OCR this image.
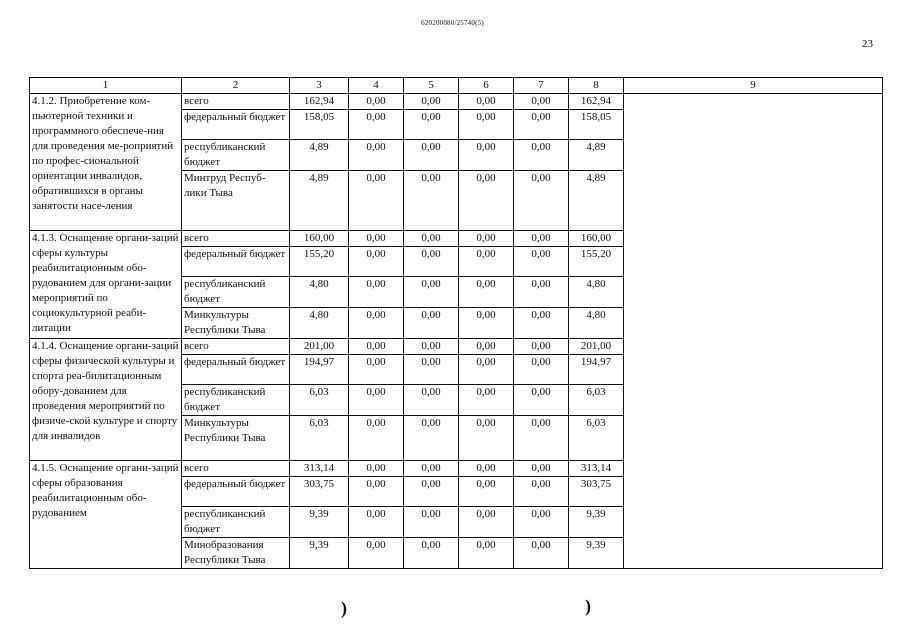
620200080/25740(5)
23
1	2	3	4	5	6	7	8	9
4.1.2. Приобретение ком-пьютерной техники и программного обеспече-ния для проведения ме-роприятий по профес-сиональной ориентации инвалидов, обратившихся в органы занятости насе-ления	всего	162,94	0,00	0,00	0,00	0,00	162,94	
	федеральный бюджет	158,05	0,00	0,00	0,00	0,00	158,05	
	республиканский бюджет	4,89	0,00	0,00	0,00	0,00	4,89	
	Минтруд Респуб-лики Тыва	4,89	0,00	0,00	0,00	0,00	4,89	
4.1.3. Оснащение органи-заций сферы культуры реабилитационным обо-рудованием для органи-зации мероприятий по социокультурной реаби-литации	всего	160,00	0,00	0,00	0,00	0,00	160,00	
	федеральный бюджет	155,20	0,00	0,00	0,00	0,00	155,20	
	республиканский бюджет	4,80	0,00	0,00	0,00	0,00	4,80	
	Минкультуры Республики Тыва	4,80	0,00	0,00	0,00	0,00	4,80	
4.1.4. Оснащение органи-заций сферы физической культуры и спорта реа-билитационным обору-дованием для проведения мероприятий по физиче-ской культуре и спорту для инвалидов	всего	201,00	0,00	0,00	0,00	0,00	201,00	
	федеральный бюджет	194,97	0,00	0,00	0,00	0,00	194,97	
	республиканский бюджет	6,03	0,00	0,00	0,00	0,00	6,03	
	Минкультуры Республики Тыва	6,03	0,00	0,00	0,00	0,00	6,03	
4.1.5. Оснащение органи-заций сферы образования реабилитационным обо-рудованием	всего	313,14	0,00	0,00	0,00	0,00	313,14	
	федеральный бюджет	303,75	0,00	0,00	0,00	0,00	303,75	
	республиканский бюджет	9,39	0,00	0,00	0,00	0,00	9,39	
	Минобразования Республики Тыва	9,39	0,00	0,00	0,00	0,00	9,39	
)	)
